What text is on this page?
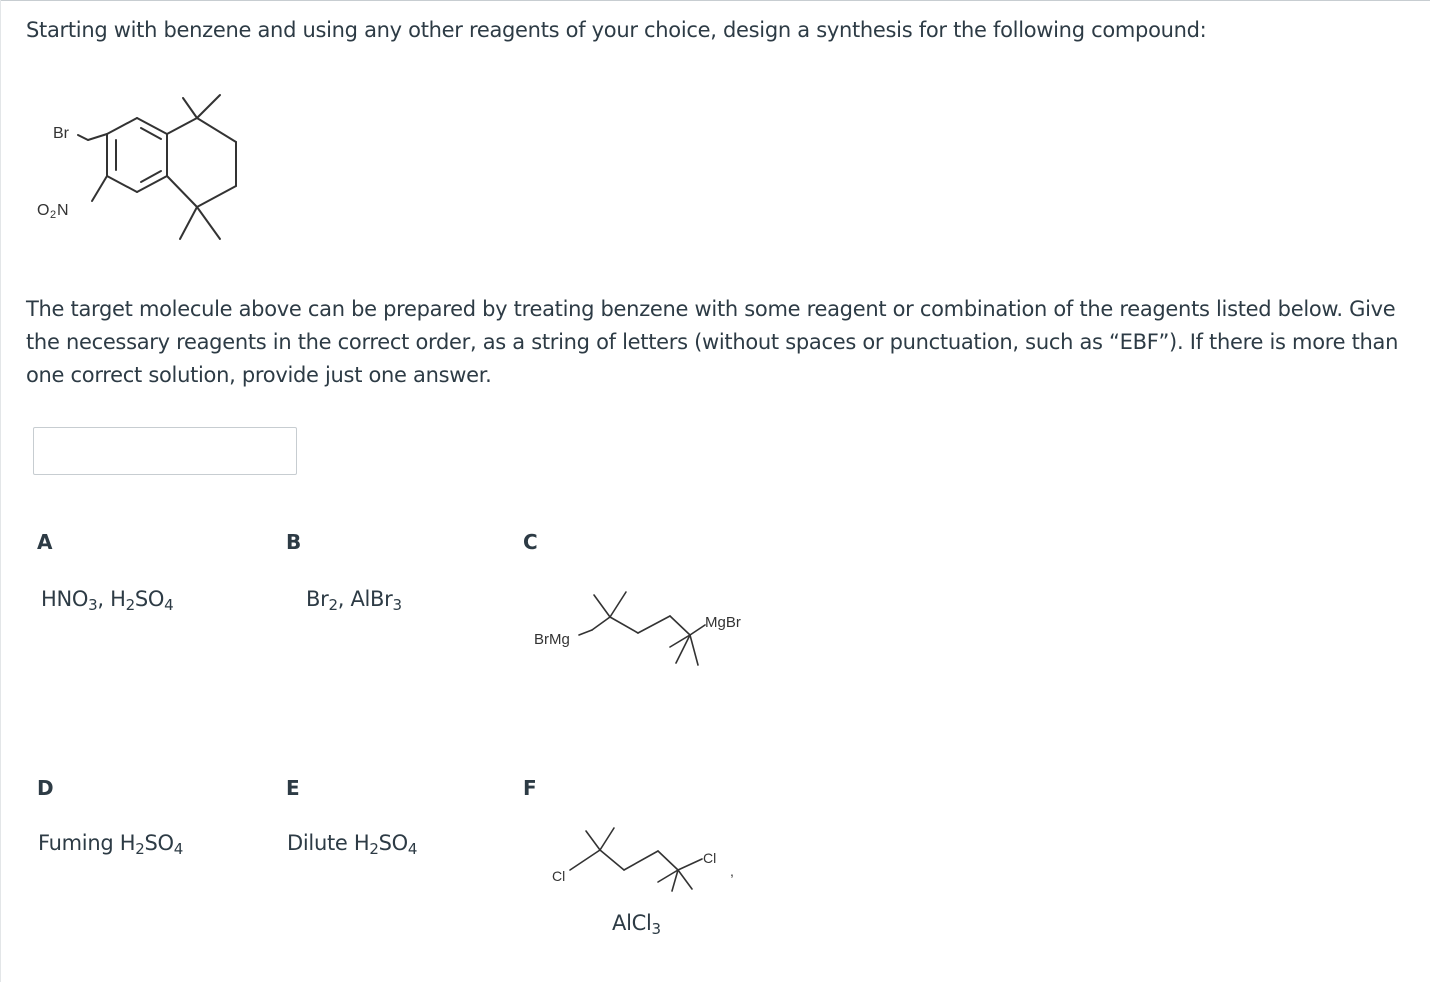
Starting with benzene and using any other reagents of your choice, design a synthesis for the following compound:
Br
O 2 N
The target molecule above can be prepared by treating benzene with some reagent or combination of the reagents listed below. Give
the necessary reagents in the correct order, as a string of letters (without spaces or punctuation, such as “EBF”). If there is more than
one correct solution, provide just one answer.
A
$HNO_3$, $H_2SO_4$
B
$Br_2$, AlBr$_3$
C
BrMg
MgBr
D
Fuming $H_2SO_4$
E
Dilute $H_2SO_4$
F
Cl
Cl
,
AlCl$_3$
